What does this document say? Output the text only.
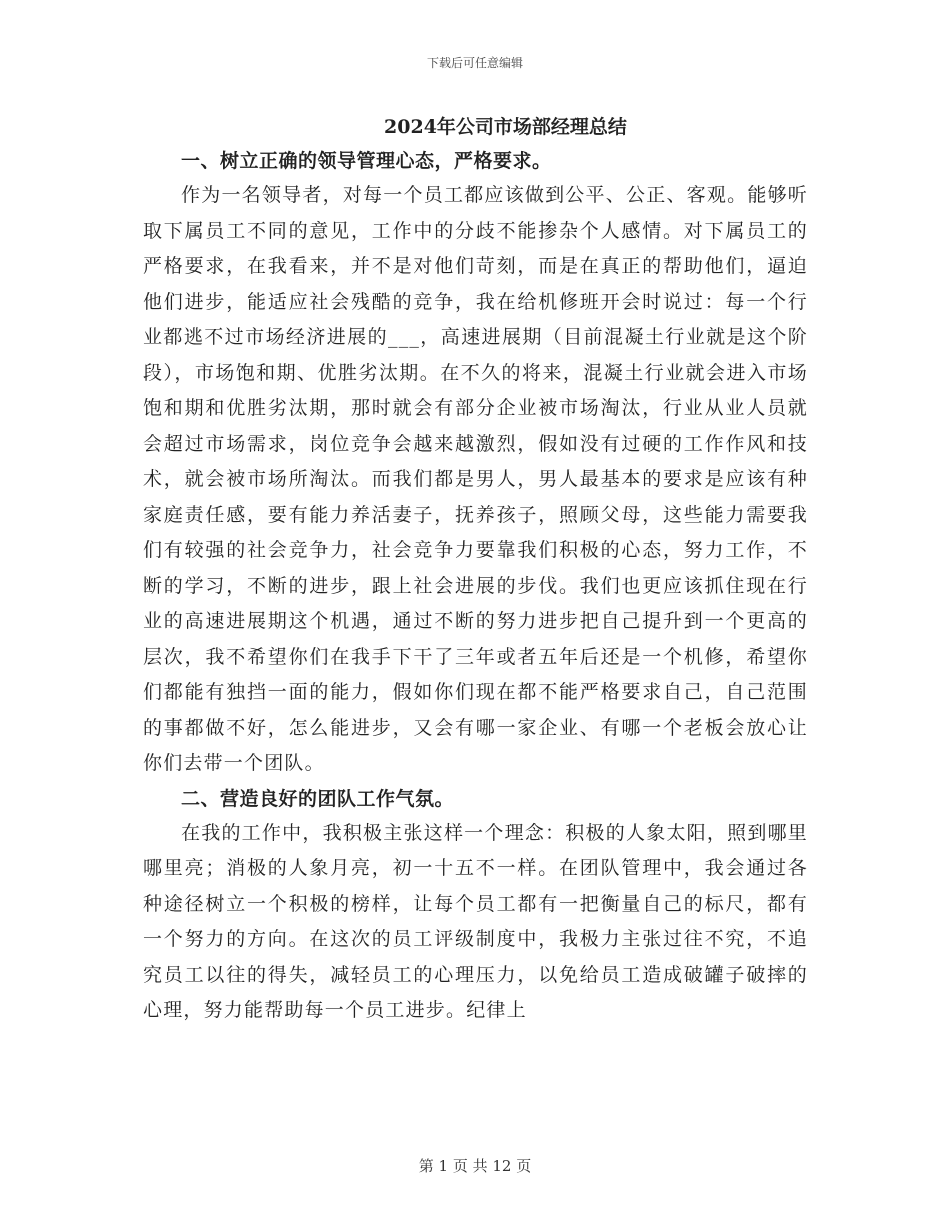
下载后可任意编辑
2024年公司市场部经理总结

一、树立正确的领导管理心态，严格要求。

作为一名领导者，对每一个员工都应该做到公平、公正、客观。能够听取下属员工不同的意见，工作中的分歧不能掺杂个人感情。对下属员工的严格要求，在我看来，并不是对他们苛刻，而是在真正的帮助他们，逼迫他们进步，能适应社会残酷的竞争，我在给机修班开会时说过：每一个行业都逃不过市场经济进展的___，高速进展期（目前混凝土行业就是这个阶段），市场饱和期、优胜劣汰期。在不久的将来，混凝土行业就会进入市场饱和期和优胜劣汰期，那时就会有部分企业被市场淘汰，行业从业人员就会超过市场需求，岗位竞争会越来越激烈，假如没有过硬的工作作风和技术，就会被市场所淘汰。而我们都是男人，男人最基本的要求是应该有种家庭责任感，要有能力养活妻子，抚养孩子，照顾父母，这些能力需要我们有较强的社会竞争力，社会竞争力要靠我们积极的心态，努力工作，不断的学习，不断的进步，跟上社会进展的步伐。我们也更应该抓住现在行业的高速进展期这个机遇，通过不断的努力进步把自己提升到一个更高的层次，我不希望你们在我手下干了三年或者五年后还是一个机修，希望你们都能有独挡一面的能力，假如你们现在都不能严格要求自己，自己范围的事都做不好，怎么能进步，又会有哪一家企业、有哪一个老板会放心让你们去带一个团队。

二、营造良好的团队工作气氛。

在我的工作中，我积极主张这样一个理念：积极的人象太阳，照到哪里哪里亮；消极的人象月亮，初一十五不一样。在团队管理中，我会通过各种途径树立一个积极的榜样，让每个员工都有一把衡量自己的标尺，都有一个努力的方向。在这次的员工评级制度中，我极力主张过往不究，不追究员工以往的得失，减轻员工的心理压力，以免给员工造成破罐子破摔的心理，努力能帮助每一个员工进步。纪律上

第 1 页 共 12 页
